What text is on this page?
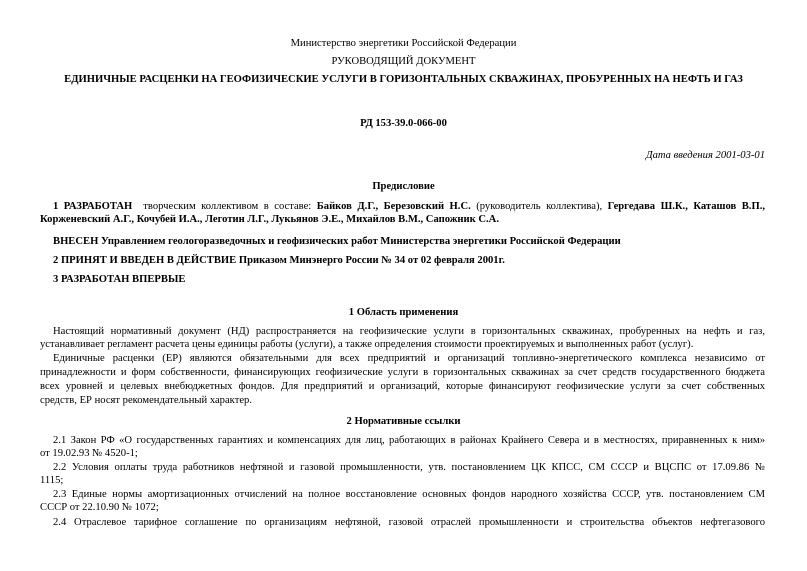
Министерство энергетики Российской Федерации
РУКОВОДЯЩИЙ ДОКУМЕНТ
ЕДИНИЧНЫЕ РАСЦЕНКИ НА ГЕОФИЗИЧЕСКИЕ УСЛУГИ В ГОРИЗОНТАЛЬНЫХ СКВАЖИНАХ, ПРОБУРЕННЫХ НА НЕФТЬ И ГАЗ
РД 153-39.0-066-00
Дата введения 2001-03-01
Предисловие
1 РАЗРАБОТАН творческим коллективом в составе: Байков Д.Г., Березовский Н.С. (руководитель коллектива), Гергедава Ш.К., Каташов В.П.,
Корженевский А.Г., Кочубей И.А., Леготин Л.Г., Лукьянов Э.Е., Михайлов В.М., Сапожник С.А.
ВНЕСЕН Управлением геологоразведочных и геофизических работ Министерства энергетики Российской Федерации
2 ПРИНЯТ И ВВЕДЕН В ДЕЙСТВИЕ Приказом Минэнерго России № 34 от 02 февраля 2001г.
3 РАЗРАБОТАН ВПЕРВЫЕ
1 Область применения
Настоящий нормативный документ (НД) распространяется на геофизические услуги в горизонтальных скважинах, пробуренных на нефть и газ,
устанавливает регламент расчета цены единицы работы (услуги), а также определения стоимости проектируемых и выполненных работ (услуг).
Единичные расценки (ЕР) являются обязательными для всех предприятий и организаций топливно-энергетического комплекса независимо от
принадлежности и форм собственности, финансирующих геофизические услуги в горизонтальных скважинах за счет средств государственного бюджета
всех уровней и целевых внебюджетных фондов. Для предприятий и организаций, которые финансируют геофизические услуги за счет собственных
средств, ЕР носят рекомендательный характер.
2 Нормативные ссылки
2.1 Закон РФ «О государственных гарантиях и компенсациях для лиц, работающих в районах Крайнего Севера и в местностях, приравненных к ним»
от 19.02.93 № 4520-1;
2.2 Условия оплаты труда работников нефтяной и газовой промышленности, утв. постановлением ЦК КПСС, СМ СССР и ВЦСПС от 17.09.86 №
1115;
2.3 Единые нормы амортизационных отчислений на полное восстановление основных фондов народного хозяйства СССР, утв. постановлением СМ
СССР от 22.10.90 № 1072;
2.4 Отраслевое тарифное соглашение по организациям нефтяной, газовой отраслей промышленности и строительства объектов нефтегазового
